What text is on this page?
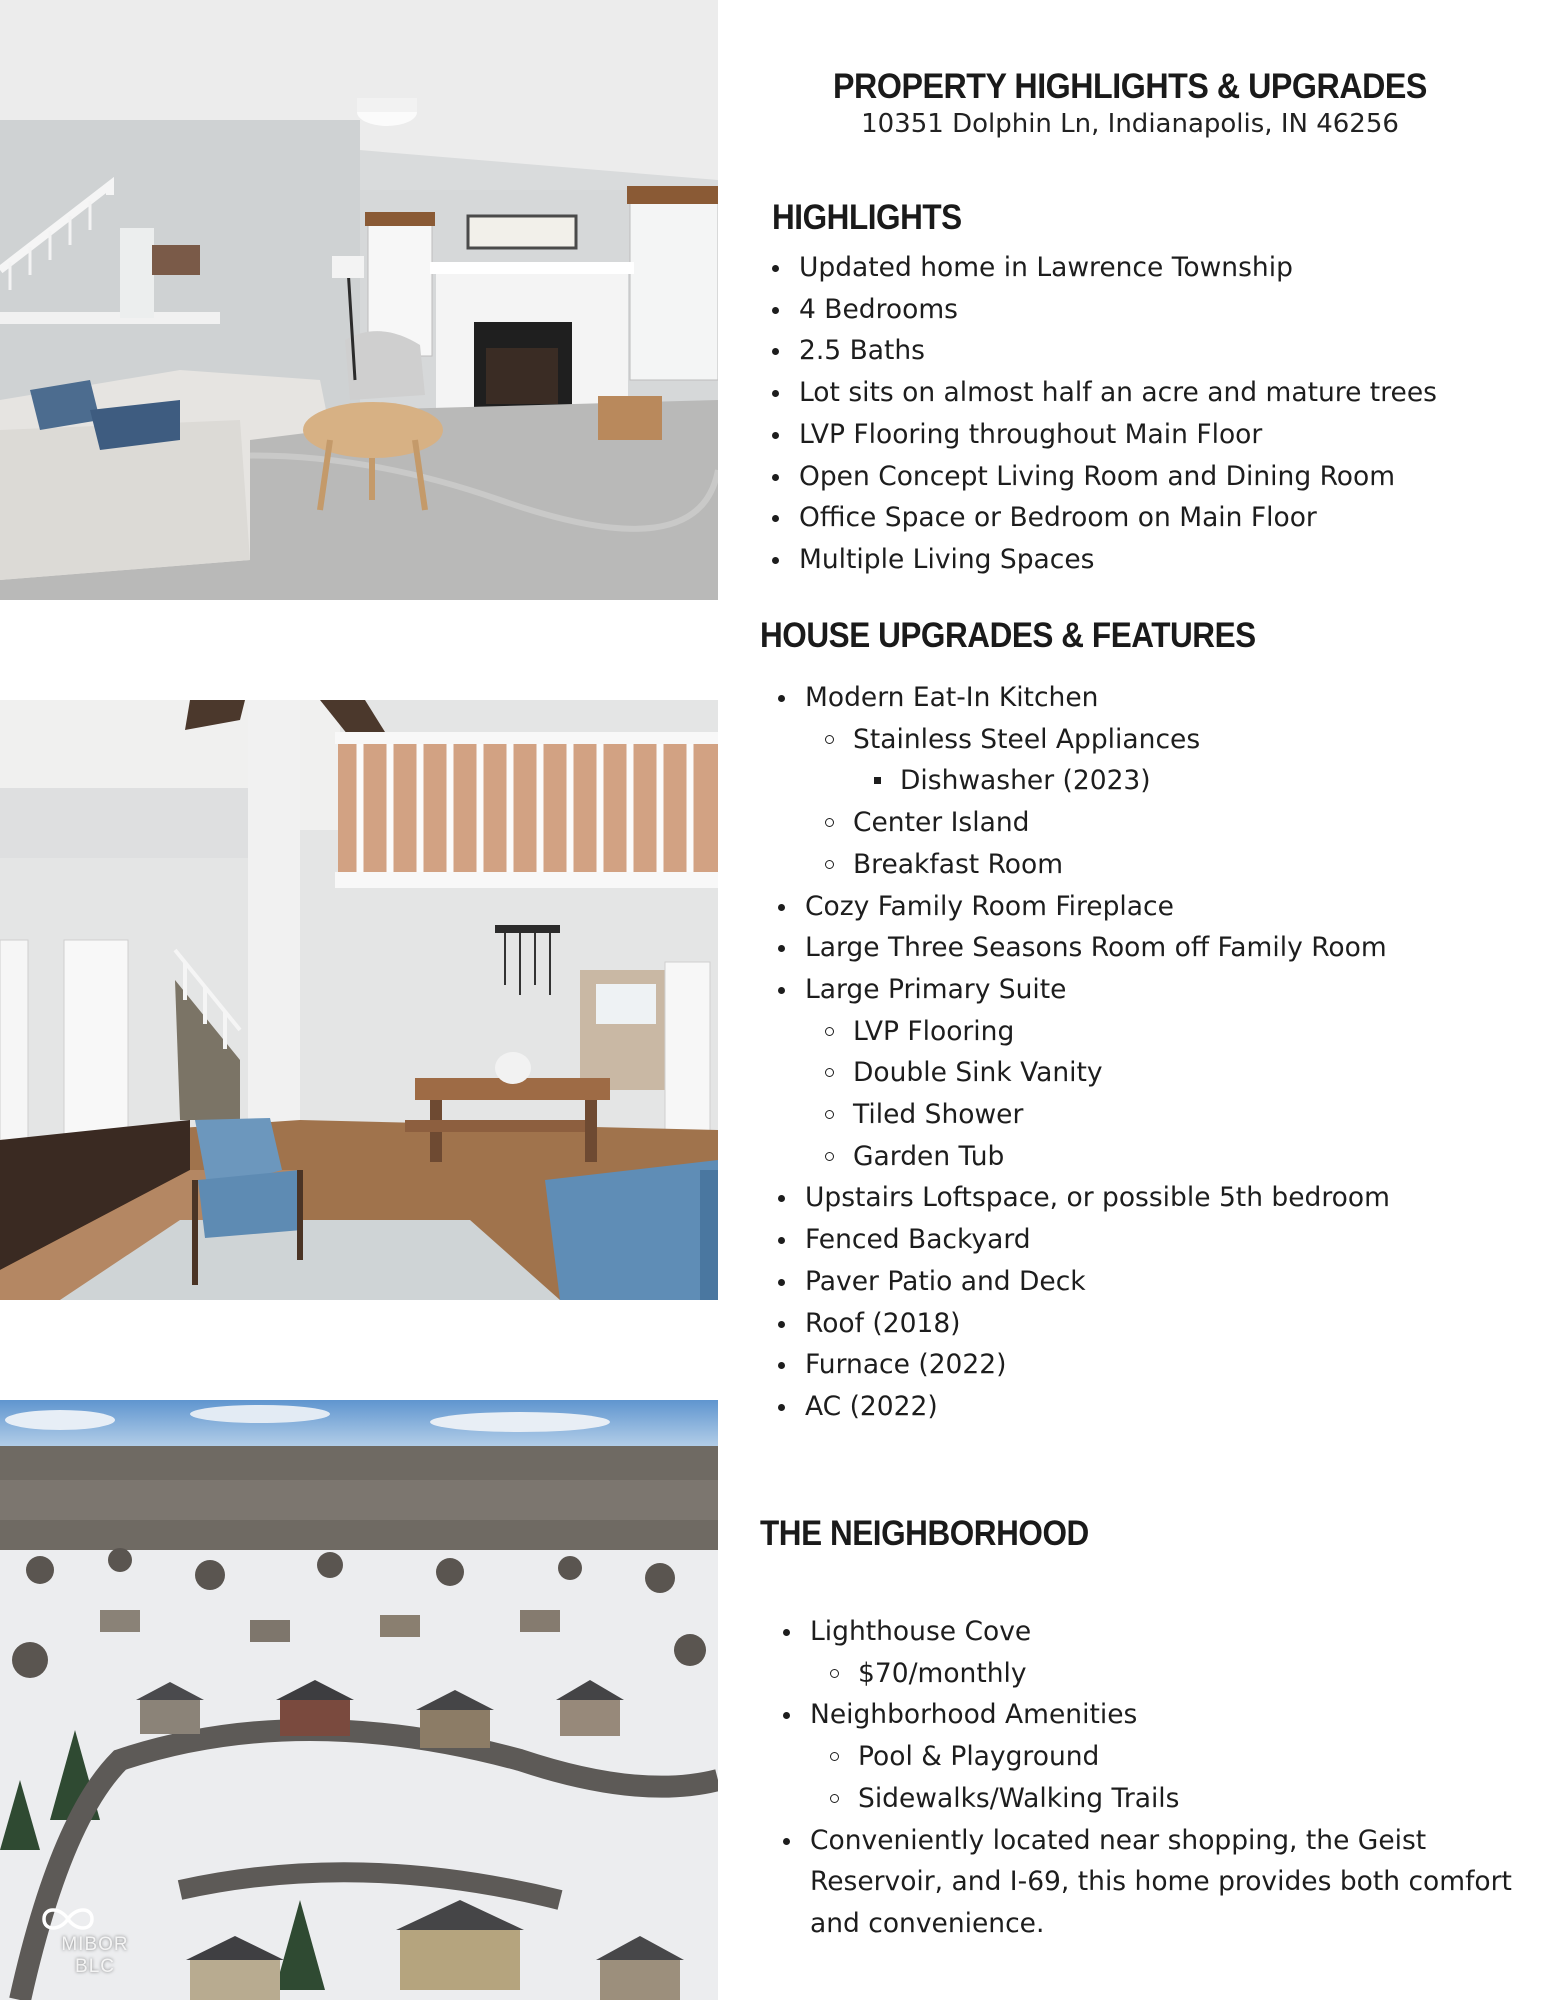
MIBOR BLC
PROPERTY HIGHLIGHTS & UPGRADES
10351 Dolphin Ln, Indianapolis, IN 46256
HIGHLIGHTS
Updated home in Lawrence Township
4 Bedrooms
2.5 Baths
Lot sits on almost half an acre and mature trees
LVP Flooring throughout Main Floor
Open Concept Living Room and Dining Room
Office Space or Bedroom on Main Floor
Multiple Living Spaces
HOUSE UPGRADES & FEATURES
Modern Eat-In Kitchen
Stainless Steel Appliances
Dishwasher (2023)
Center Island
Breakfast Room
Cozy Family Room Fireplace
Large Three Seasons Room off Family Room
Large Primary Suite
LVP Flooring
Double Sink Vanity
Tiled Shower
Garden Tub
Upstairs Loftspace, or possible 5th bedroom
Fenced Backyard
Paver Patio and Deck
Roof (2018)
Furnace (2022)
AC (2022)
THE NEIGHBORHOOD
Lighthouse Cove
$70/monthly
Neighborhood Amenities
Pool & Playground
Sidewalks/Walking Trails
Conveniently located near shopping, the Geist Reservoir, and I-69, this home provides both comfort and convenience.
